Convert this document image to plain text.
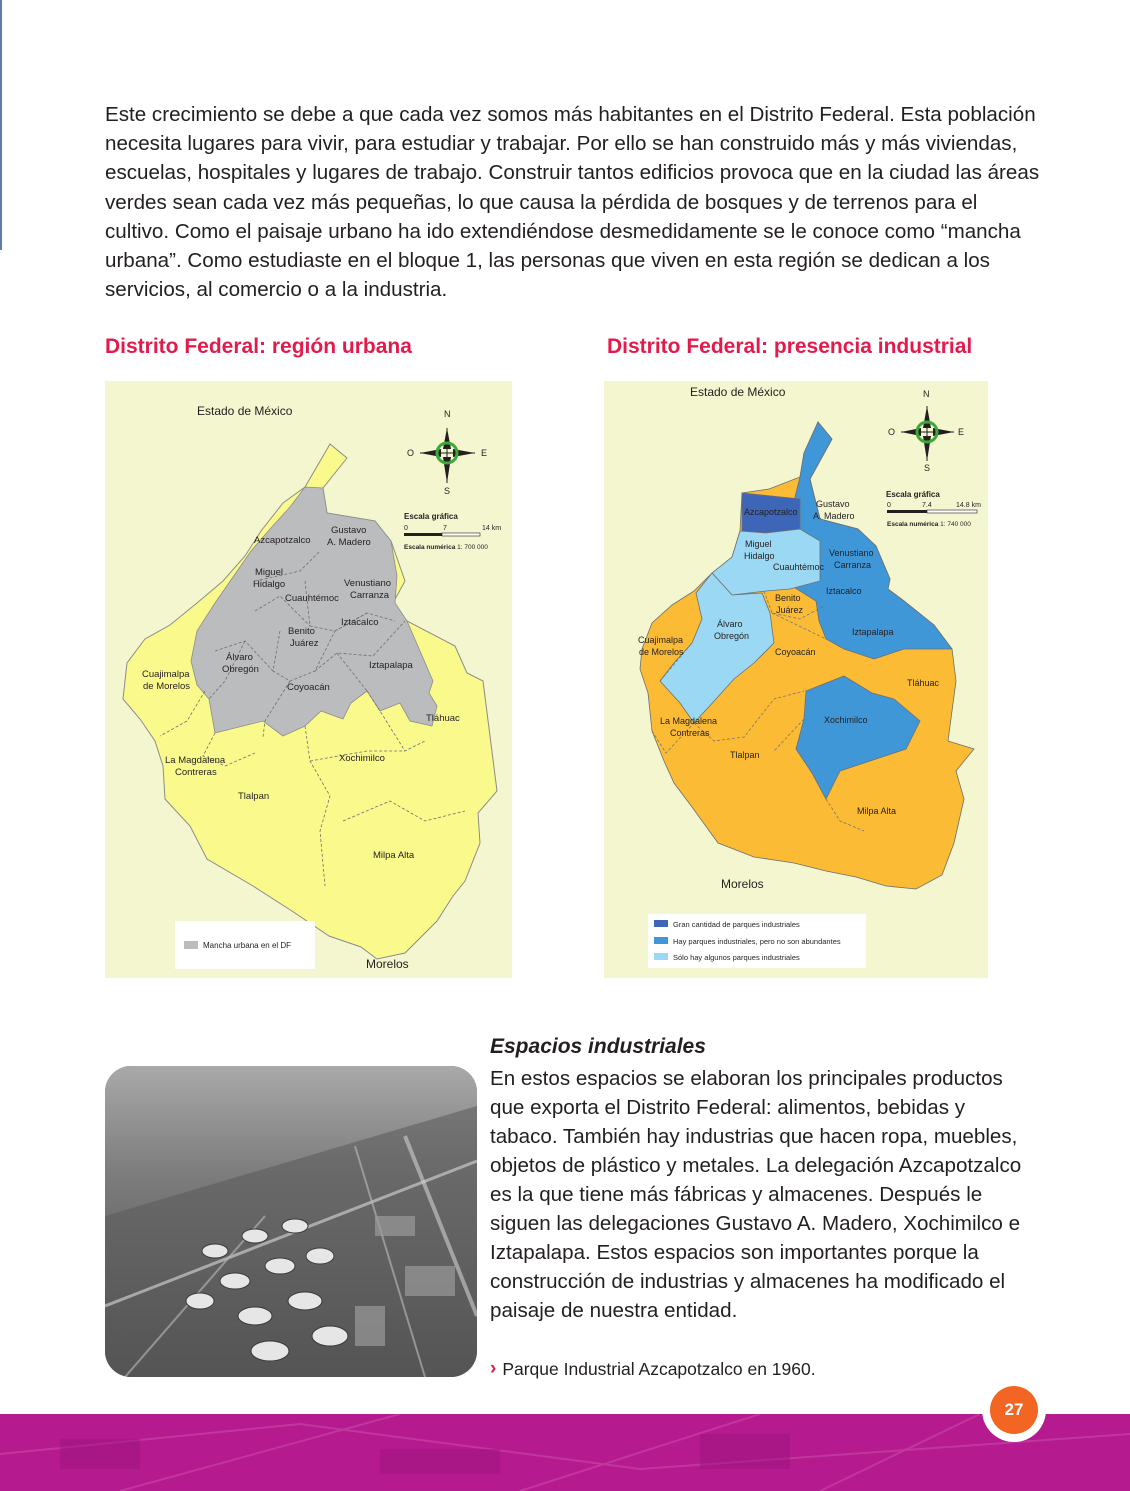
Este crecimiento se debe a que cada vez somos más habitantes en el Distrito Federal. Esta población necesita lugares para vivir, para estudiar y trabajar. Por ello se han construido más y más viviendas, escuelas, hospitales y lugares de trabajo. Construir tantos edificios provoca que en la ciudad las áreas verdes sean cada vez más pequeñas, lo que causa la pérdida de bosques y de terrenos para el cultivo. Como el paisaje urbano ha ido extendiéndose desmedidamente se le conoce como “mancha urbana”. Como estudiaste en el bloque 1, las personas que viven en esta región se dedican a los servicios, al comercio o a la industria.

Distrito Federal: región urbana
Estado de México
Morelos
N
S
O	E
Escala gráfica
0	7	14 km
Escala numérica 1: 700 000
Azcapotzalco
Gustavo
A. Madero
Miguel
Hidalgo
Cuauhtémoc
Venustiano
Carranza
Benito
Juárez
Iztacalco
Álvaro
Obregón
Cuajimalpa
de Morelos
Iztapalapa
Coyoacán
Tláhuac
La Magdalena
Contreras
Xochimilco
Tlalpan
Milpa Alta
Mancha urbana en el DF
Distrito Federal: presencia industrial
Estado de México
Morelos
N
S
O	E
Escala gráfica
0	7.4	14.8 km
Escala numérica 1: 740 000
Azcapotzalco
Gustavo
A. Madero
Miguel
Hidalgo
Cuauhtémoc
Venustiano
Carranza
Benito
Juárez
Iztacalco
Álvaro
Obregón
Cuajimalpa
de Morelos
Iztapalapa
Coyoacán
Tláhuac
La Magdalena
Contreras
Xochimilco
Tlalpan
Milpa Alta
Gran cantidad de parques industriales
Hay parques industriales, pero no son abundantes
Sólo hay algunos parques industriales
Espacios industriales

En estos espacios se elaboran los principales productos que exporta el Distrito Federal: alimentos, bebidas y tabaco. También hay industrias que hacen ropa, muebles, objetos de plástico y metales. La delegación Azcapotzalco es la que tiene más fábricas y almacenes. Después le siguen las delegaciones Gustavo A. Madero, Xochimilco e Iztapalapa. Estos espacios son importantes porque la construcción de industrias y almacenes ha modificado el paisaje de nuestra entidad.

› Parque Industrial Azcapotzalco en 1960.

27
